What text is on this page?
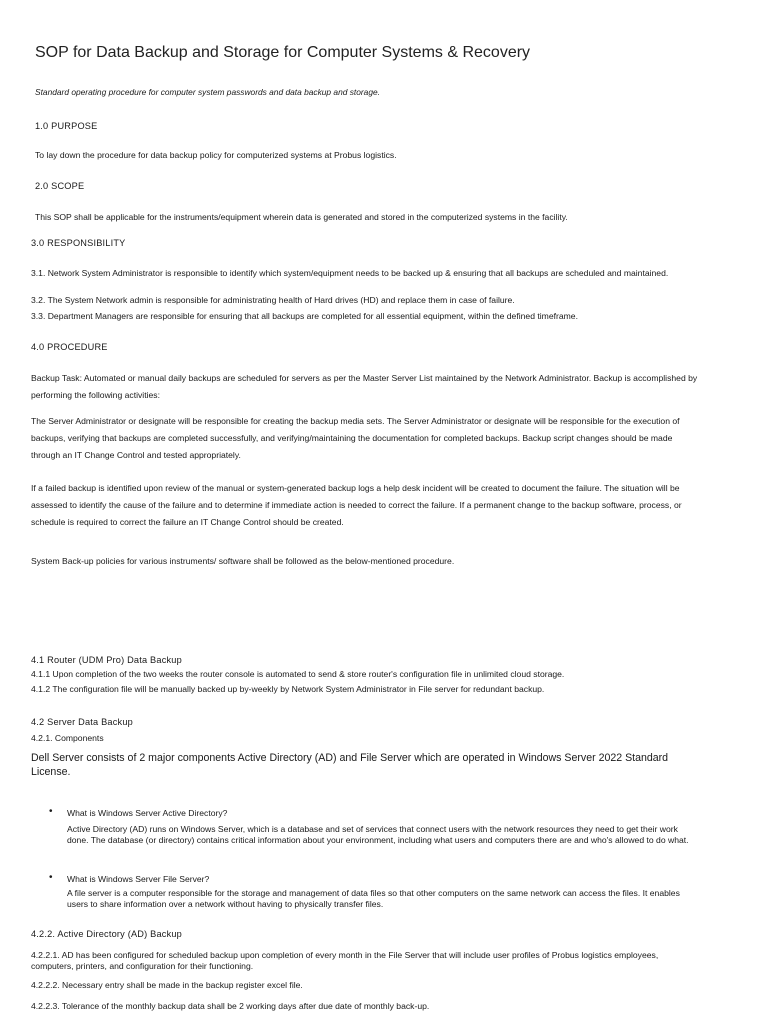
SOP for Data Backup and Storage for Computer Systems & Recovery

Standard operating procedure for computer system passwords and data backup and storage.

1.0 PURPOSE

To lay down the procedure for data backup policy for computerized systems at Probus logistics.

2.0 SCOPE

This SOP shall be applicable for the instruments/equipment wherein data is generated and stored in the computerized systems in the facility.

3.0 RESPONSIBILITY

3.1. Network System Administrator is responsible to identify which system/equipment needs to be backed up & ensuring that all backups are scheduled and maintained.

3.2. The System Network admin is responsible for administrating health of Hard drives (HD) and replace them in case of failure.

3.3. Department Managers are responsible for ensuring that all backups are completed for all essential equipment, within the defined timeframe.

4.0 PROCEDURE

Backup Task: Automated or manual daily backups are scheduled for servers as per the Master Server List maintained by the Network Administrator. Backup is accomplished by performing the following activities:

The Server Administrator or designate will be responsible for creating the backup media sets. The Server Administrator or designate will be responsible for the execution of backups, verifying that backups are completed successfully, and verifying/maintaining the documentation for completed backups. Backup script changes should be made through an IT Change Control and tested appropriately.

If a failed backup is identified upon review of the manual or system-generated backup logs a help desk incident will be created to document the failure. The situation will be assessed to identify the cause of the failure and to determine if immediate action is needed to correct the failure. If a permanent change to the backup software, process, or schedule is required to correct the failure an IT Change Control should be created.

System Back-up policies for various instruments/ software shall be followed as the below-mentioned procedure.

4.1 Router (UDM Pro) Data Backup

4.1.1 Upon completion of the two weeks the router console is automated to send & store router's configuration file in unlimited cloud storage.

4.1.2 The configuration file will be manually backed up by-weekly by Network System Administrator in File server for redundant backup.

4.2 Server Data Backup

4.2.1. Components

Dell Server consists of 2 major components Active Directory (AD) and File Server which are operated in Windows Server 2022 Standard License.

• What is Windows Server Active Directory?

Active Directory (AD) runs on Windows Server, which is a database and set of services that connect users with the network resources they need to get their work done. The database (or directory) contains critical information about your environment, including what users and computers there are and who's allowed to do what.

• What is Windows Server File Server?

A file server is a computer responsible for the storage and management of data files so that other computers on the same network can access the files. It enables users to share information over a network without having to physically transfer files.

4.2.2. Active Directory (AD) Backup

4.2.2.1. AD has been configured for scheduled backup upon completion of every month in the File Server that will include user profiles of Probus logistics employees, computers, printers, and configuration for their functioning.

4.2.2.2. Necessary entry shall be made in the backup register excel file.

4.2.2.3. Tolerance of the monthly backup data shall be 2 working days after due date of monthly back-up.
